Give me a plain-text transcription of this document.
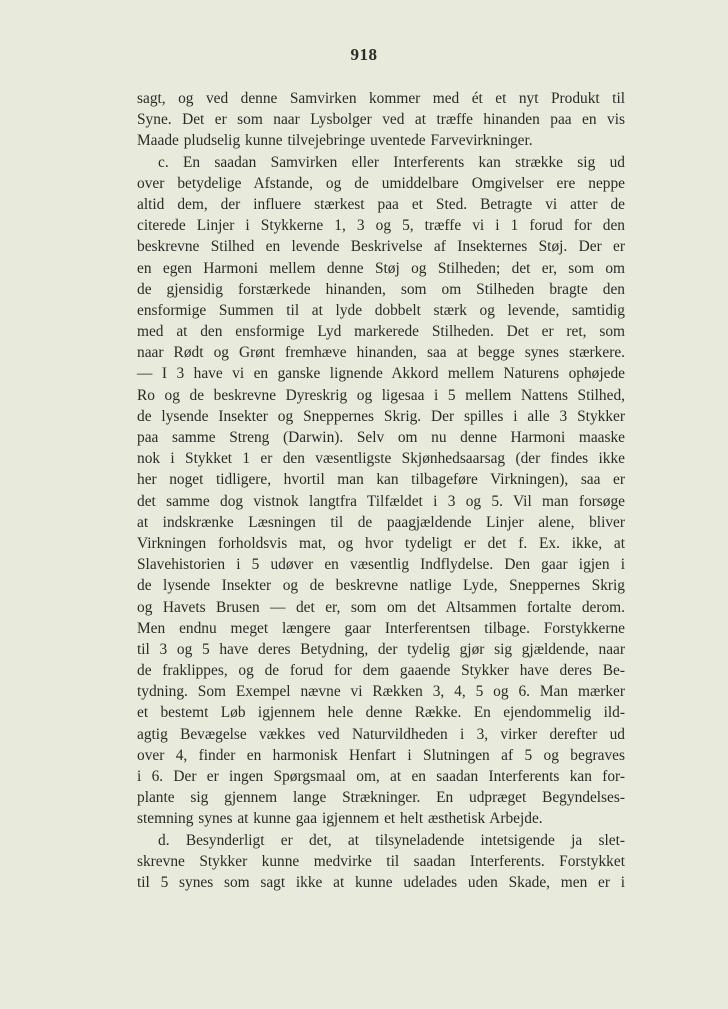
918
sagt, og ved denne Samvirken kommer med ét et nyt Produkt til
Syne. Det er som naar Lysbolger ved at træffe hinanden paa en vis
Maade pludselig kunne tilvejebringe uventede Farvevirkninger.
c. En saadan Samvirken eller Interferents kan strække sig ud
over betydelige Afstande, og de umiddelbare Omgivelser ere neppe
altid dem, der influere stærkest paa et Sted. Betragte vi atter de
citerede Linjer i Stykkerne 1, 3 og 5, træffe vi i 1 forud for den
beskrevne Stilhed en levende Beskrivelse af Insekternes Støj. Der er
en egen Harmoni mellem denne Støj og Stilheden; det er, som om
de gjensidig forstærkede hinanden, som om Stilheden bragte den
ensformige Summen til at lyde dobbelt stærk og levende, samtidig
med at den ensformige Lyd markerede Stilheden. Det er ret, som
naar Rødt og Grønt fremhæve hinanden, saa at begge synes stærkere.
— I 3 have vi en ganske lignende Akkord mellem Naturens ophøjede
Ro og de beskrevne Dyreskrig og ligesaa i 5 mellem Nattens Stilhed,
de lysende Insekter og Sneppernes Skrig. Der spilles i alle 3 Stykker
paa samme Streng (Darwin). Selv om nu denne Harmoni maaske
nok i Stykket 1 er den væsentligste Skjønhedsaarsag (der findes ikke
her noget tidligere, hvortil man kan tilbageføre Virkningen), saa er
det samme dog vistnok langtfra Tilfældet i 3 og 5. Vil man forsøge
at indskrænke Læsningen til de paagjældende Linjer alene, bliver
Virkningen forholdsvis mat, og hvor tydeligt er det f. Ex. ikke, at
Slavehistorien i 5 udøver en væsentlig Indflydelse. Den gaar igjen i
de lysende Insekter og de beskrevne natlige Lyde, Sneppernes Skrig
og Havets Brusen — det er, som om det Altsammen fortalte derom.
Men endnu meget længere gaar Interferentsen tilbage. Forstykkerne
til 3 og 5 have deres Betydning, der tydelig gjør sig gjældende, naar
de fraklippes, og de forud for dem gaaende Stykker have deres Be-
tydning. Som Exempel nævne vi Rækken 3, 4, 5 og 6. Man mærker
et bestemt Løb igjennem hele denne Række. En ejendommelig ild-
agtig Bevægelse vækkes ved Naturvildheden i 3, virker derefter ud
over 4, finder en harmonisk Henfart i Slutningen af 5 og begraves
i 6. Der er ingen Spørgsmaal om, at en saadan Interferents kan for-
plante sig gjennem lange Strækninger. En udpræget Begyndelses-
stemning synes at kunne gaa igjennem et helt æsthetisk Arbejde.
d. Besynderligt er det, at tilsyneladende intetsigende ja slet-
skrevne Stykker kunne medvirke til saadan Interferents. Forstykket
til 5 synes som sagt ikke at kunne udelades uden Skade, men er i
